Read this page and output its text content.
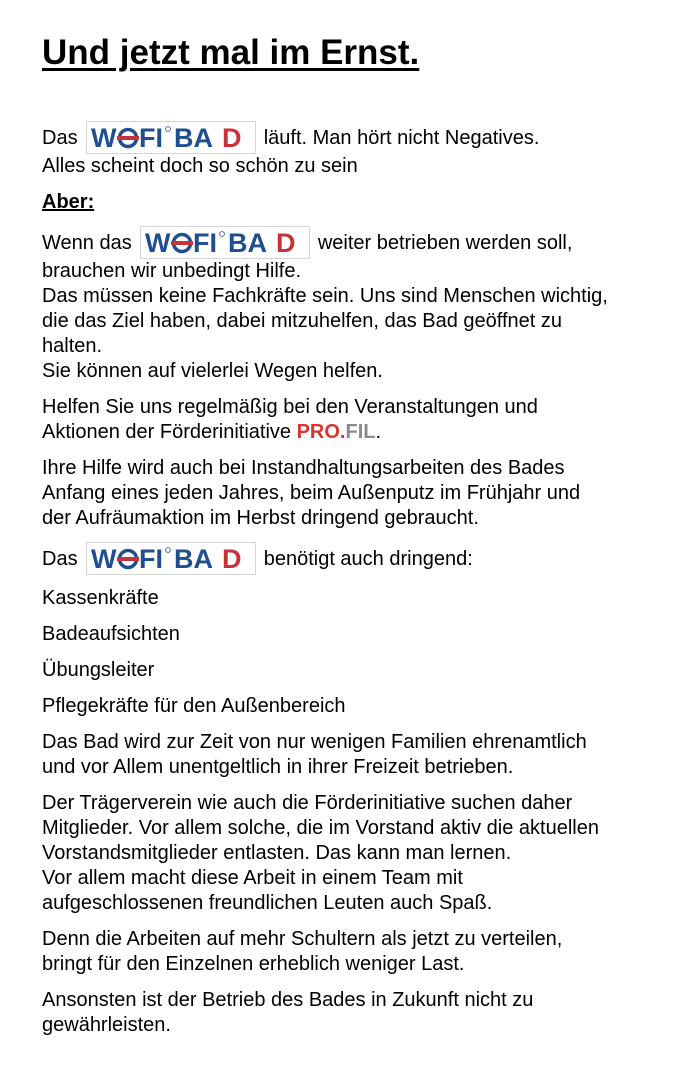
Und jetzt mal im Ernst.
Das W FI BA D läuft. Man hört nicht Negatives.
Alles scheint doch so schön zu sein
Aber:
Wenn das W FI BA D weiter betrieben werden soll,
brauchen wir unbedingt Hilfe.
Das müssen keine Fachkräfte sein. Uns sind Menschen wichtig,
die das Ziel haben, dabei mitzuhelfen, das Bad geöffnet zu
halten.
Sie können auf vielerlei Wegen helfen.
Helfen Sie uns regelmäßig bei den Veranstaltungen und
Aktionen der Förderinitiative PRO.FIL.
Ihre Hilfe wird auch bei Instandhaltungsarbeiten des Bades
Anfang eines jeden Jahres, beim Außenputz im Frühjahr und
der Aufräumaktion im Herbst dringend gebraucht.
Das W FI BA D benötigt auch dringend:
Kassenkräfte
Badeaufsichten
Übungsleiter
Pflegekräfte für den Außenbereich
Das Bad wird zur Zeit von nur wenigen Familien ehrenamtlich
und vor Allem unentgeltlich in ihrer Freizeit betrieben.
Der Trägerverein wie auch die Förderinitiative suchen daher
Mitglieder. Vor allem solche, die im Vorstand aktiv die aktuellen
Vorstandsmitglieder entlasten. Das kann man lernen.
Vor allem macht diese Arbeit in einem Team mit
aufgeschlossenen freundlichen Leuten auch Spaß.
Denn die Arbeiten auf mehr Schultern als jetzt zu verteilen,
bringt für den Einzelnen erheblich weniger Last.
Ansonsten ist der Betrieb des Bades in Zukunft nicht zu
gewährleisten.
